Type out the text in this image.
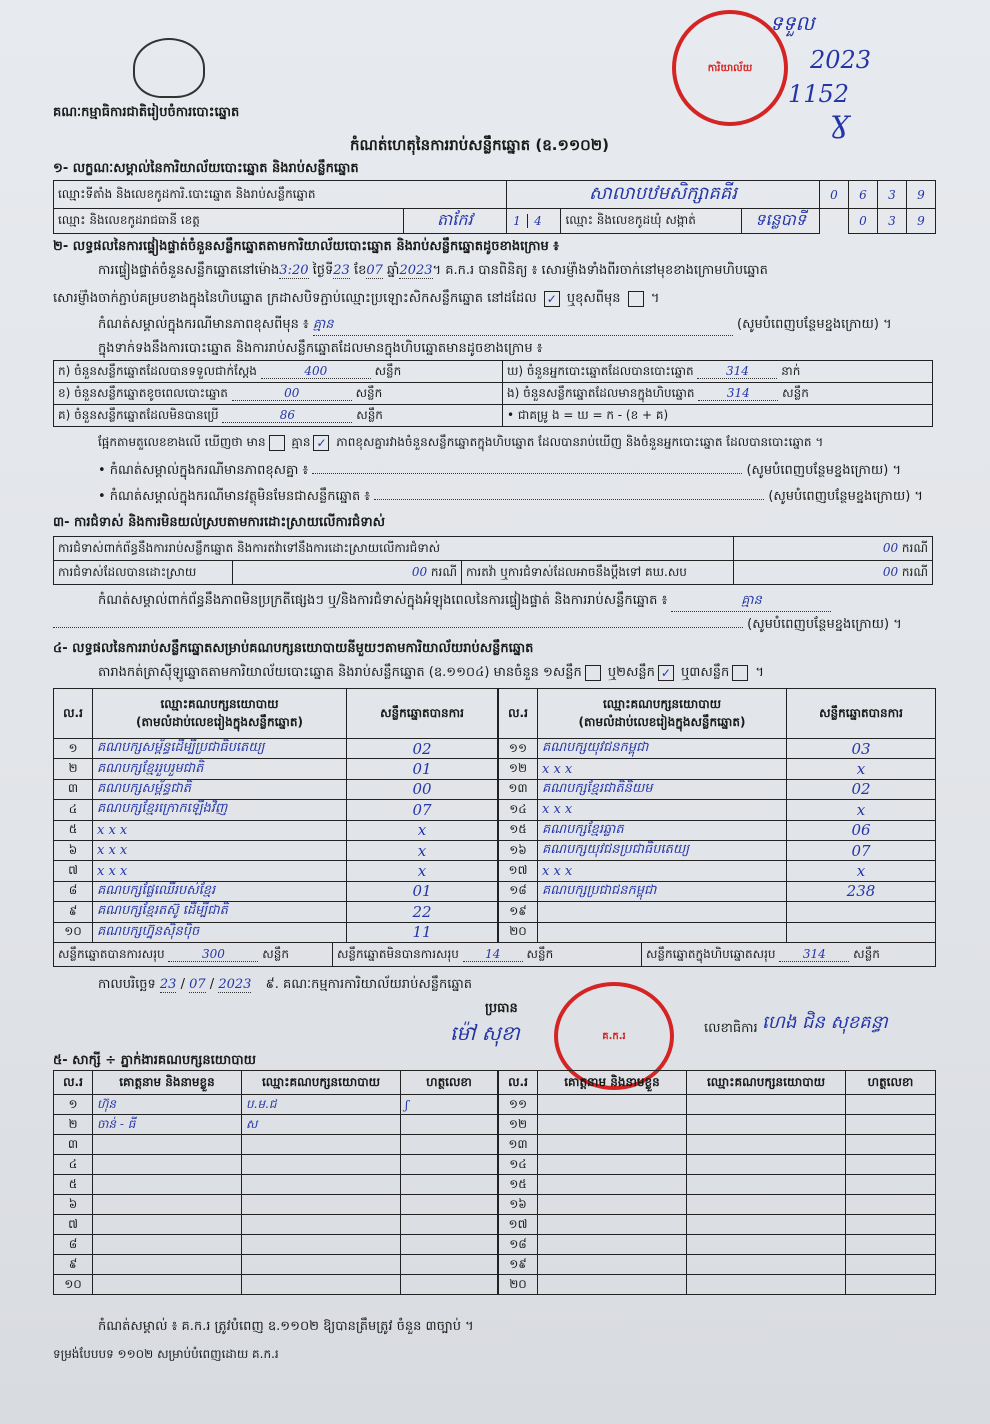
គណៈកម្មាធិការជាតិរៀបចំការបោះឆ្នោត
កំណត់ហេតុនៃការរាប់សន្លឹកឆ្នោត (ឧ.១១០២)
ការិយាល័យ
ទទួល
2023
1152
Ɣ
១- លក្ខណៈសម្គាល់នៃការិយាល័យបោះឆ្នោត និងរាប់សន្លឹកឆ្នោត
ឈ្មោះទីតាំង និងលេខកូដការិ.បោះឆ្នោត និងរាប់សន្លឹកឆ្នោត		សាលាបឋមសិក្សាគគីរ			0	6	3	9
ឈ្មោះ និងលេខកូដរាជធានី ខេត្ត	តាកែវ	1 4	ឈ្មោះ និងលេខកូដឃុំ សង្កាត់	ទន្លេបាទី		0	3	9
២- លទ្ធផលនៃការផ្ទៀងផ្ទាត់ចំនួនសន្លឹកឆ្នោតតាមការិយាល័យបោះឆ្នោត និងរាប់សន្លឹកឆ្នោតដូចខាងក្រោម ៖
ការផ្ទៀងផ្ទាត់ចំនួនសន្លឹកឆ្នោតនៅម៉ោង3:20 ថ្ងៃទី23 ខែ07 ឆ្នាំ2023។ គ.ក.រ បានពិនិត្យ ៖ សោរម៉្ញាំងទាំងពីរចាក់នៅមុខខាងក្រោមហិបឆ្នោត
សោរម៉្ញាំងចាក់ភ្ជាប់គម្របខាងក្នុងនៃហិបឆ្នោត ក្រដាសបិទភ្ជាប់ឈ្មោះប្រឡោះសិកសន្លឹកឆ្នោត នៅដដែល ✓ ឬខុសពីមុន  ។
កំណត់សម្គាល់ក្នុងករណីមានភាពខុសពីមុន ៖ គ្មាន	(សូមបំពេញបន្ថែមខ្នងក្រោយ) ។
ក្នុងទាក់ទងនឹងការបោះឆ្នោត និងការរាប់សន្លឹកឆ្នោតដែលមានក្នុងហិបឆ្នោតមានដូចខាងក្រោម ៖
ក) ចំនួនសន្លឹកឆ្នោតដែលបានទទួលជាក់ស្តែង 400 សន្លឹក	ឃ) ចំនួនអ្នកបោះឆ្នោតដែលបានបោះឆ្នោត 314 នាក់
ខ) ចំនួនសន្លឹកឆ្នោតខូចពេលបោះឆ្នោត 00 សន្លឹក	ង) ចំនួនសន្លឹកឆ្នោតដែលមានក្នុងហិបឆ្នោត 314 សន្លឹក
គ) ចំនួនសន្លឹកឆ្នោតដែលមិនបានប្រើ 86 សន្លឹក	• ជាគម្រូ ង = ឃ = ក - (ខ + គ)
ផ្អែកតាមតួលេខខាងលើ ឃើញថា មាន គ្មាន ✓ ភាពខុសគ្នារវាងចំនួនសន្លឹកឆ្នោតក្នុងហិបឆ្នោត ដែលបានរាប់ឃើញ និងចំនួនអ្នកបោះឆ្នោត ដែលបានបោះឆ្នោត ។
• កំណត់សម្គាល់ក្នុងករណីមានភាពខុសគ្នា ៖	(សូមបំពេញបន្ថែមខ្នងក្រោយ) ។
• កំណត់សម្គាល់ក្នុងករណីមានវត្ថុមិនមែនជាសន្លឹកឆ្នោត ៖	(សូមបំពេញបន្ថែមខ្នងក្រោយ) ។
៣- ការជំទាស់ និងការមិនយល់ស្របតាមការដោះស្រាយលើការជំទាស់
ការជំទាស់ពាក់ព័ន្ធនឹងការរាប់សន្លឹកឆ្នោត និងការតវ៉ាទៅនឹងការដោះស្រាយលើការជំទាស់			00 ករណី
ការជំទាស់ដែលបានដោះស្រាយ	00 ករណី	ការតវ៉ា ឬការជំទាស់ដែលអាចនឹងប្តឹងទៅ គឃ.សប	00 ករណី
កំណត់សម្គាល់ពាក់ព័ន្ធនឹងភាពមិនប្រក្រតីផ្សេងៗ ឬ/និងការជំទាស់ក្នុងអំឡុងពេលនៃការផ្ទៀងផ្ទាត់ និងការរាប់សន្លឹកឆ្នោត ៖	គ្មាន
(សូមបំពេញបន្ថែមខ្នងក្រោយ) ។
៤- លទ្ធផលនៃការរាប់សន្លឹកឆ្នោតសម្រាប់គណបក្សនយោបាយនីមួយៗតាមការិយាល័យរាប់សន្លឹកឆ្នោត
តារាងកត់ត្រាស៊ីឡូឆ្នោតតាមការិយាល័យបោះឆ្នោត និងរាប់សន្លឹកឆ្នោត (ឧ.១១០៤) មានចំនួន ១សន្លឹក ឬ២សន្លឹក ✓ ឬ៣សន្លឹក ។
ល.រ	ឈ្មោះគណបក្សនយោបាយ
(តាមលំដាប់លេខរៀងក្នុងសន្លឹកឆ្នោត)	សន្លឹកឆ្នោតបានការ
១	គណបក្សសម្ព័ន្ធដើម្បីប្រជាធិបតេយ្យ	02
២	គណបក្សខ្មែររួបរួមជាតិ	01
៣	គណបក្សសម្ព័ន្ធជាតិ	00
៤	គណបក្សខ្មែរក្រោកឡើងវិញ	07
៥	x x x	x
៦	x x x	x
៧	x x x	x
៨	គណបក្សផ្លែឈើរបស់ខ្មែរ	01
៩	គណបក្សខ្មែរតស៊ូ ដើម្បីជាតិ	22
១០	គណបក្សហ្វ៊ុនស៊ិនប៉ិច	11
ល.រ	ឈ្មោះគណបក្សនយោបាយ
(តាមលំដាប់លេខរៀងក្នុងសន្លឹកឆ្នោត)	សន្លឹកឆ្នោតបានការ
១១	គណបក្សយុវជនកម្ពុជា	03
១២	x x x	x
១៣	គណបក្សខ្មែរជាតិនិយម	02
១៤	x x x	x
១៥	គណបក្សខ្មែរឆ្លាត	06
១៦	គណបក្សយុវជនប្រជាធិបតេយ្យ	07
១៧	x x x	x
១៨	គណបក្សប្រជាជនកម្ពុជា	238
១៩		
២០		
សន្លឹកឆ្នោតបានការសរុប	300	សន្លឹក	សន្លឹកឆ្នោតមិនបានការសរុប 14 សន្លឹក	សន្លឹកឆ្នោតក្នុងហិបឆ្នោតសរុប 314 សន្លឹក
កាលបរិច្ឆេទ 23 / 07 / 2023 ៩. គណៈកម្មការការិយាល័យរាប់សន្លឹកឆ្នោត
ប្រធាន
ម៉ៅ សុខា	គ.ក.រ	លេខាធិការ ហេង ជិន សុខគន្ធា
៥- សាក្សី ÷ ភ្នាក់ងារគណបក្សនយោបាយ
ល.រ	គោត្តនាម និងនាមខ្លួន	ឈ្មោះគណបក្សនយោបាយ	ហត្ថលេខា
១	ហ៊ុន	ប.ម.ជ	ʃ
២	ចាន់ - ធី	ស	
៣			
៤			
៥			
៦			
៧			
៨			
៩			
១០			
ល.រ	គោត្តនាម និងនាមខ្លួន	ឈ្មោះគណបក្សនយោបាយ	ហត្ថលេខា
១១			
១២			
១៣			
១៤			
១៥			
១៦			
១៧			
១៨			
១៩			
២០			
កំណត់សម្គាល់ ៖ គ.ក.រ ត្រូវបំពេញ ឧ.១១០២ ឱ្យបានត្រឹមត្រូវ ចំនួន ៣ច្បាប់ ។
ទម្រង់បែបបទ ១១០២ សម្រាប់បំពេញដោយ គ.ក.រ
